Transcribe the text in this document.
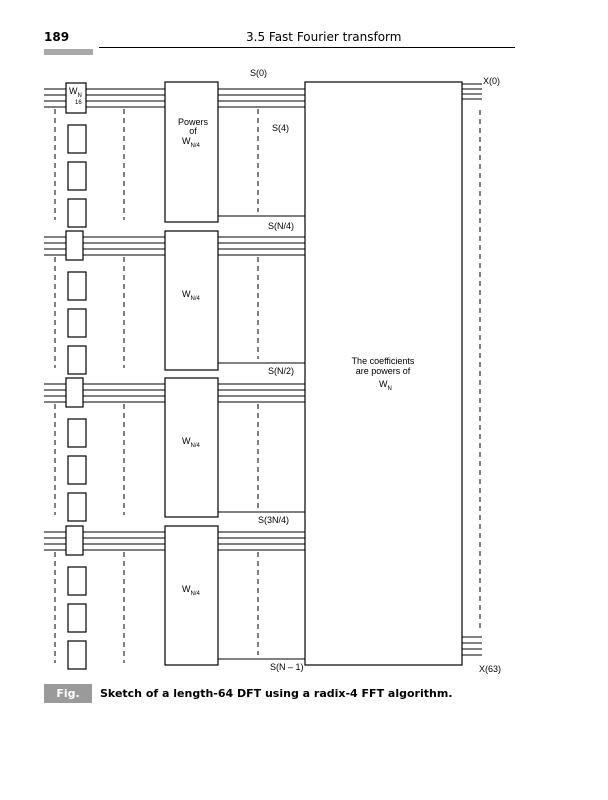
189	3.5 Fast Fourier transform
The coefficients
are powers of
$W_N$
$W_N$
16
Powers
of
$W_{N/4}$
$W_{N/4}$
$W_{N/4}$
$W_{N/4}$
S(0)
S(4)
S(N/4)
S(N/2)
S(3N/4)
S(N – 1)
X(0)
X(63)
Fig. 3.15.
Sketch of a length-64 DFT using a radix-4 FFT algorithm.
